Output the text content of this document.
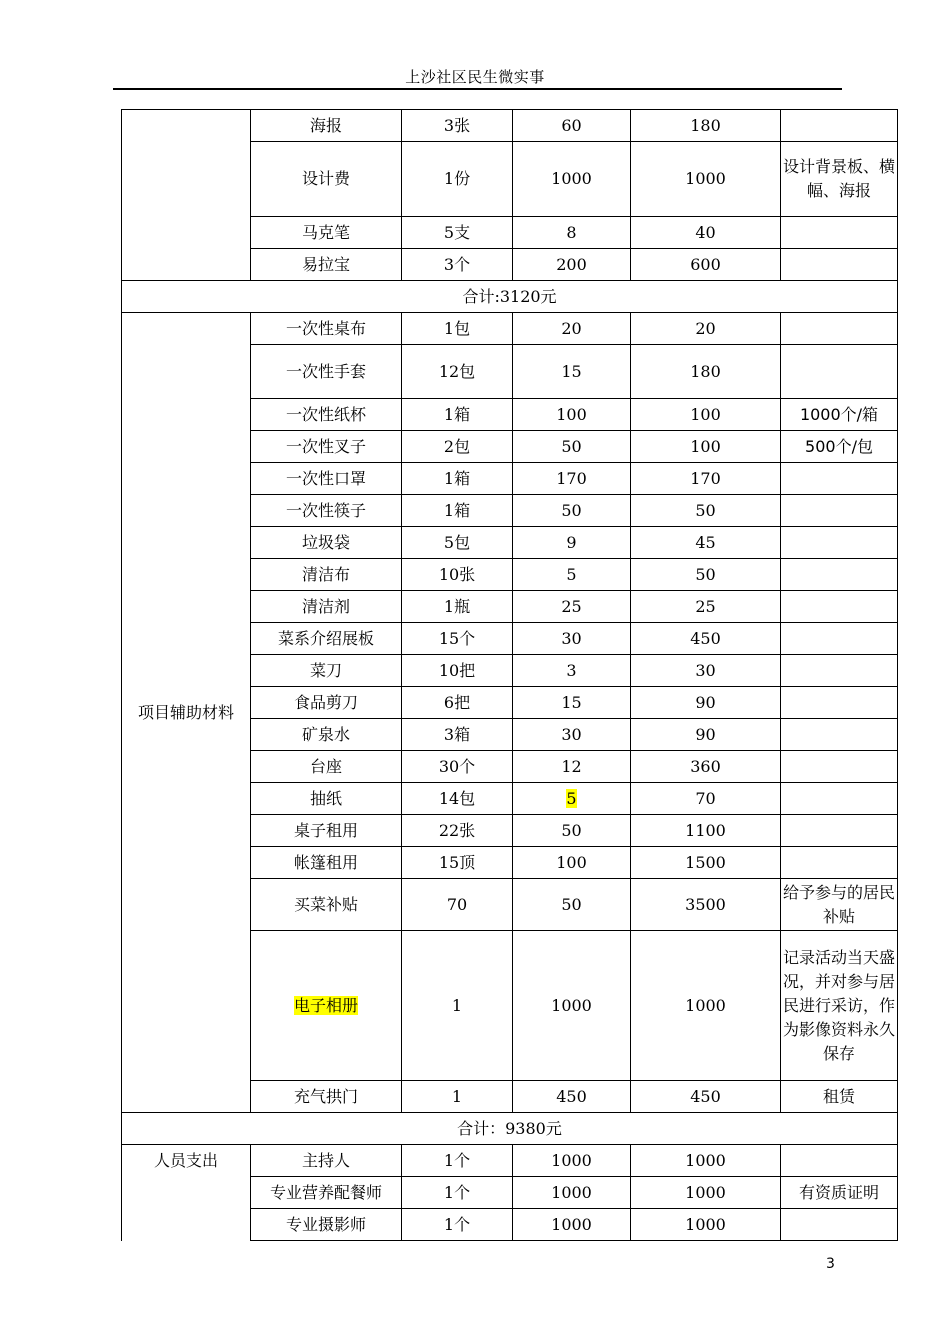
上沙社区民生微实事
	海报	3张	60	180	
	设计费	1份	1000	1000	设计背景板、横幅、海报
	马克笔	5支	8	40	
	易拉宝	3个	200	600	
合计:3120元					
项目辅助材料	一次性桌布	1包	20	20	
	一次性手套	12包	15	180	
	一次性纸杯	1箱	100	100	1000个/箱
	一次性叉子	2包	50	100	500个/包
	一次性口罩	1箱	170	170	
	一次性筷子	1箱	50	50	
	垃圾袋	5包	9	45	
	清洁布	10张	5	50	
	清洁剂	1瓶	25	25	
	菜系介绍展板	15个	30	450	
	菜刀	10把	3	30	
	食品剪刀	6把	15	90	
	矿泉水	3箱	30	90	
	台座	30个	12	360	
	抽纸	14包	5	70	
	桌子租用	22张	50	1100	
	帐篷租用	15顶	100	1500	
	买菜补贴	70	50	3500	给予参与的居民补贴
	电子相册	1	1000	1000	记录活动当天盛况，并对参与居民进行采访，作为影像资料永久保存
	充气拱门	1	450	450	租赁
合计：9380元					
人员支出	主持人	1个	1000	1000	
	专业营养配餐师	1个	1000	1000	有资质证明
	专业摄影师	1个	1000	1000	
3
